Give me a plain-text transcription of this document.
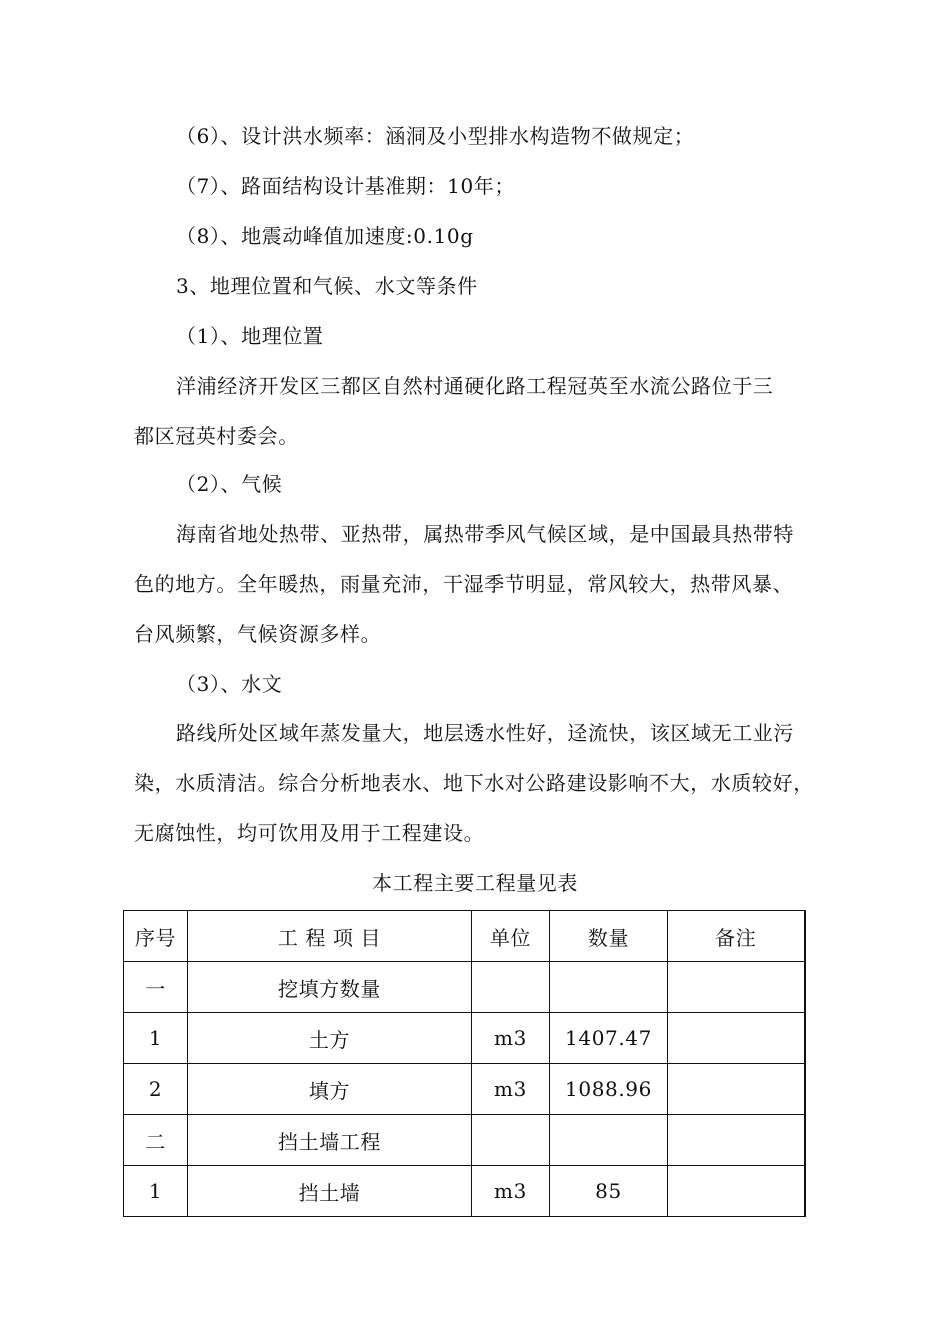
（6）、设计洪水频率：涵洞及小型排水构造物不做规定；
（7）、路面结构设计基准期：10年；
（8）、地震动峰值加速度:0.10g
3、地理位置和气候、水文等条件
（1）、地理位置
洋浦经济开发区三都区自然村通硬化路工程冠英至水流公路位于三
都区冠英村委会。
（2）、气候
海南省地处热带、亚热带，属热带季风气候区域，是中国最具热带特
色的地方。全年暖热，雨量充沛，干湿季节明显，常风较大，热带风暴、
台风频繁，气候资源多样。
（3）、水文
路线所处区域年蒸发量大，地层透水性好，迳流快，该区域无工业污
染，水质清洁。综合分析地表水、地下水对公路建设影响不大，水质较好，
无腐蚀性，均可饮用及用于工程建设。
本工程主要工程量见表
序号	工 程 项 目	单位	数量	备注
一	挖填方数量			
1	土方	m3	1407.47	
2	填方	m3	1088.96	
二	挡土墙工程			
1	挡土墙	m3	85	
